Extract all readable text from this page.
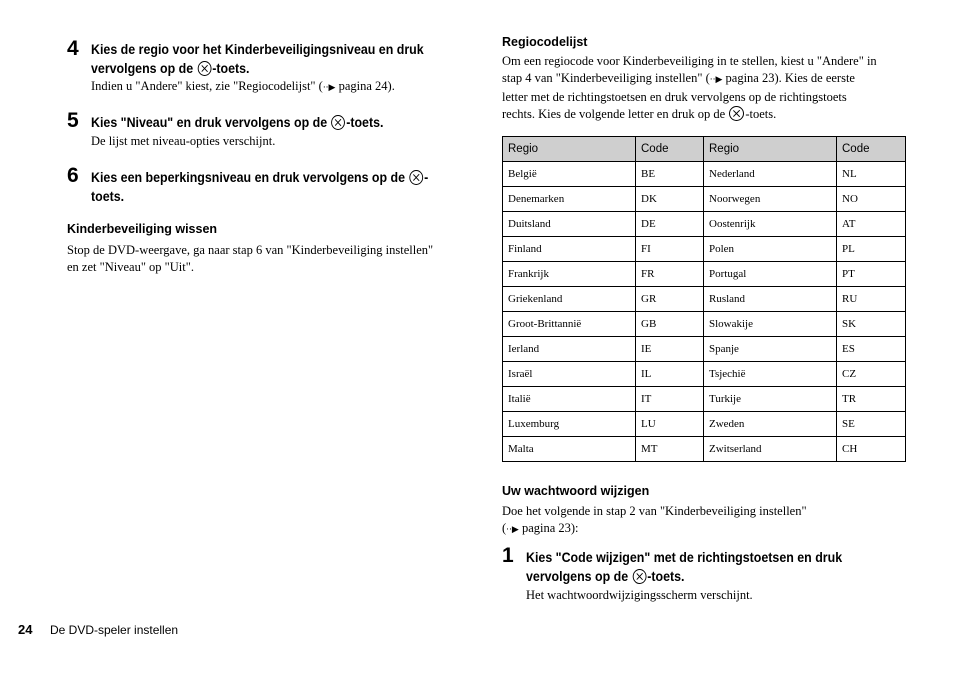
4 Kies de regio voor het Kinderbeveiligingsniveau en druk
vervolgens op de -toets.
Indien u "Andere" kiest, zie "Regiocodelijst" (··▶ pagina 24).
5 Kies "Niveau" en druk vervolgens op de -toets.
De lijst met niveau-opties verschijnt.
6 Kies een beperkingsniveau en druk vervolgens op de -
toets.
Kinderbeveiliging wissen
Stop de DVD-weergave, ga naar stap 6 van "Kinderbeveiliging instellen"
en zet "Niveau" op "Uit".
Regiocodelijst
Om een regiocode voor Kinderbeveiliging in te stellen, kiest u "Andere" in
stap 4 van "Kinderbeveiliging instellen" (··▶ pagina 23). Kies de eerste
letter met de richtingstoetsen en druk vervolgens op de richtingstoets
rechts. Kies de volgende letter en druk op de -toets.
Regio	Code	Regio	Code
België	BE	Nederland	NL
Denemarken	DK	Noorwegen	NO
Duitsland	DE	Oostenrijk	AT
Finland	FI	Polen	PL
Frankrijk	FR	Portugal	PT
Griekenland	GR	Rusland	RU
Groot-Brittannië	GB	Slowakije	SK
Ierland	IE	Spanje	ES
Israël	IL	Tsjechië	CZ
Italië	IT	Turkije	TR
Luxemburg	LU	Zweden	SE
Malta	MT	Zwitserland	CH
Uw wachtwoord wijzigen
Doe het volgende in stap 2 van "Kinderbeveiliging instellen"
(··▶ pagina 23):
1 Kies "Code wijzigen" met de richtingstoetsen en druk
vervolgens op de -toets.
Het wachtwoordwijzigingsscherm verschijnt.
24 De DVD-speler instellen
